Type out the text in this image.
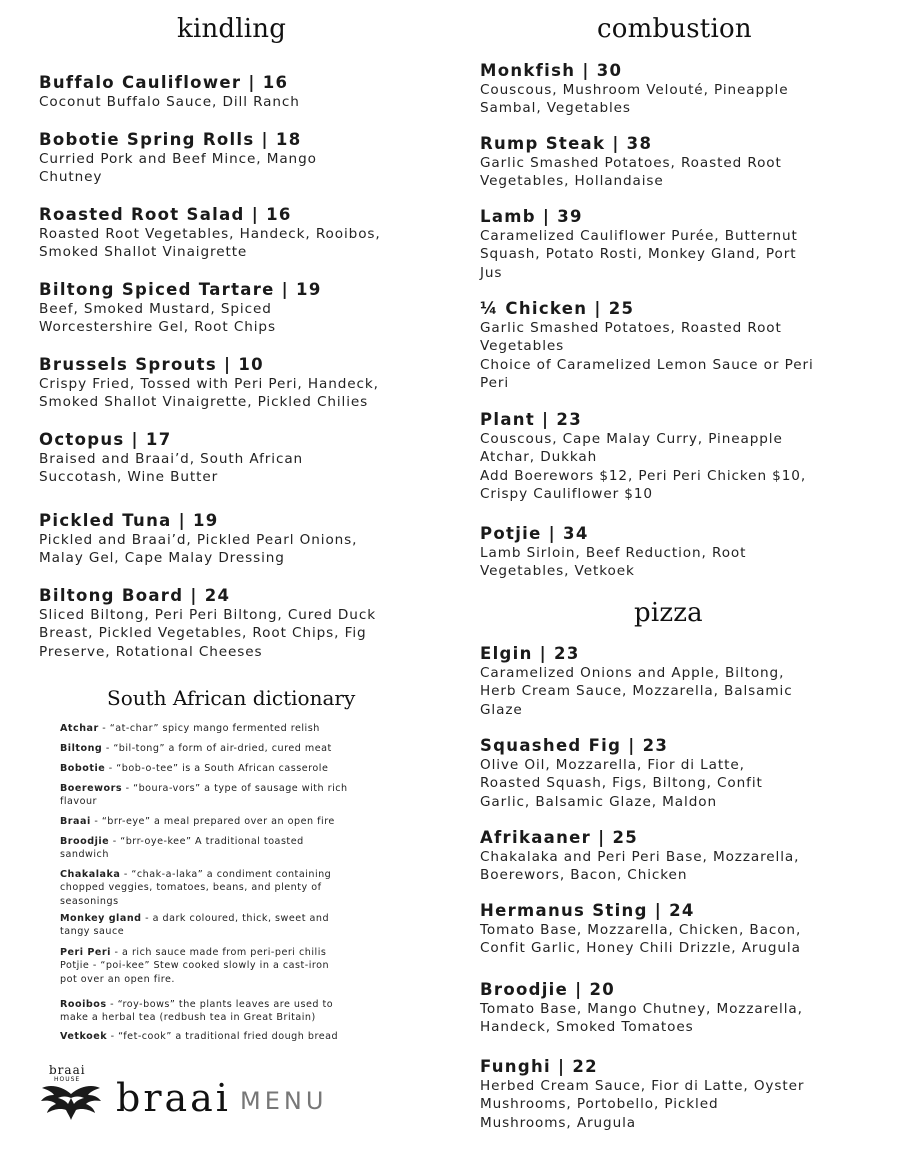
kindling
Buffalo Cauliflower | 16
Coconut Buffalo Sauce, Dill Ranch
Bobotie Spring Rolls | 18
Curried Pork and Beef Mince, Mango
Chutney
Roasted Root Salad | 16
Roasted Root Vegetables, Handeck, Rooibos,
Smoked Shallot Vinaigrette
Biltong Spiced Tartare | 19
Beef, Smoked Mustard, Spiced
Worcestershire Gel, Root Chips
Brussels Sprouts | 10
Crispy Fried, Tossed with Peri Peri, Handeck,
Smoked Shallot Vinaigrette, Pickled Chilies
Octopus | 17
Braised and Braai’d, South African
Succotash, Wine Butter
Pickled Tuna | 19
Pickled and Braai’d, Pickled Pearl Onions,
Malay Gel, Cape Malay Dressing
Biltong Board | 24
Sliced Biltong, Peri Peri Biltong, Cured Duck
Breast, Pickled Vegetables, Root Chips, Fig
Preserve, Rotational Cheeses
South African dictionary
Atchar - “at-char” spicy mango fermented relish
Biltong - “bil-tong” a form of air-dried, cured meat
Bobotie - “bob-o-tee” is a South African casserole
Boerewors - “boura-vors” a type of sausage with rich
flavour
Braai - “brr-eye” a meal prepared over an open fire
Broodjie - “brr-oye-kee” A traditional toasted
sandwich
Chakalaka - “chak-a-laka” a condiment containing
chopped veggies, tomatoes, beans, and plenty of
seasonings
Monkey gland - a dark coloured, thick, sweet and
tangy sauce
Peri Peri - a rich sauce made from peri-peri chilis
Potjie - “poi-kee” Stew cooked slowly in a cast-iron
pot over an open fire.
Rooibos - “roy-bows” the plants leaves are used to
make a herbal tea (redbush tea in Great Britain)
Vetkoek - “fet-cook” a traditional fried dough bread
braai
HOUSE braai MENU
combustion
Monkfish | 30
Couscous, Mushroom Velouté, Pineapple
Sambal, Vegetables
Rump Steak | 38
Garlic Smashed Potatoes, Roasted Root
Vegetables, Hollandaise
Lamb | 39
Caramelized Cauliflower Purée, Butternut
Squash, Potato Rosti, Monkey Gland, Port
Jus
¼ Chicken | 25
Garlic Smashed Potatoes, Roasted Root
Vegetables
Choice of Caramelized Lemon Sauce or Peri
Peri
Plant | 23
Couscous, Cape Malay Curry, Pineapple
Atchar, Dukkah
Add Boerewors $12, Peri Peri Chicken $10,
Crispy Cauliflower $10
Potjie | 34
Lamb Sirloin, Beef Reduction, Root
Vegetables, Vetkoek
pizza
Elgin | 23
Caramelized Onions and Apple, Biltong,
Herb Cream Sauce, Mozzarella, Balsamic
Glaze
Squashed Fig | 23
Olive Oil, Mozzarella, Fior di Latte,
Roasted Squash, Figs, Biltong, Confit
Garlic, Balsamic Glaze, Maldon
Afrikaaner | 25
Chakalaka and Peri Peri Base, Mozzarella,
Boerewors, Bacon, Chicken
Hermanus Sting | 24
Tomato Base, Mozzarella, Chicken, Bacon,
Confit Garlic, Honey Chili Drizzle, Arugula
Broodjie | 20
Tomato Base, Mango Chutney, Mozzarella,
Handeck, Smoked Tomatoes
Funghi | 22
Herbed Cream Sauce, Fior di Latte, Oyster
Mushrooms, Portobello, Pickled
Mushrooms, Arugula
